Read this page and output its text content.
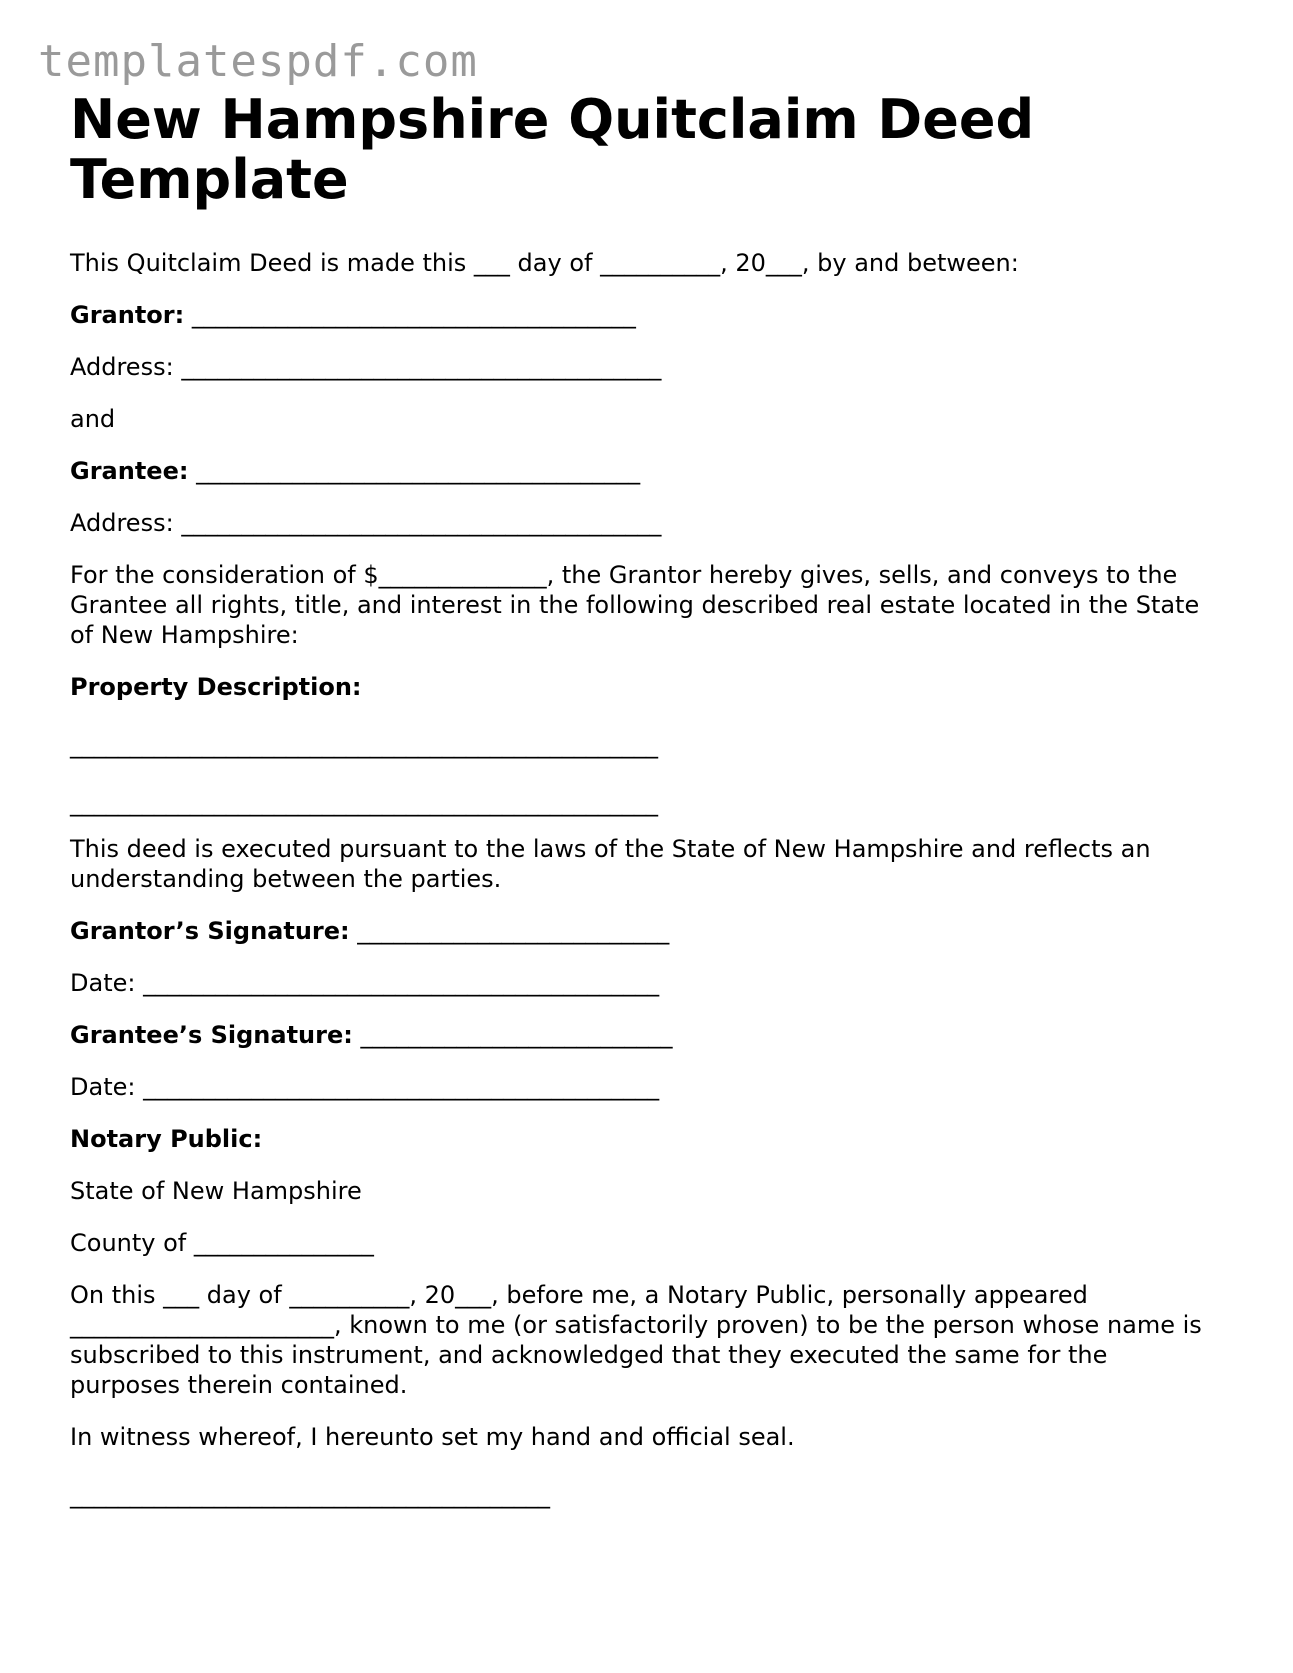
templatespdf.com
New Hampshire Quitclaim Deed Template

This Quitclaim Deed is made this ___ day of __________, 20___, by and between:

Grantor: _____________________________________

Address: ________________________________________

and

Grantee: _____________________________________

Address: ________________________________________

For the consideration of $______________, the Grantor hereby gives, sells, and conveys to the Grantee all rights, title, and interest in the following described real estate located in the State of New Hampshire:

Property Description:

_________________________________________________

_________________________________________________

This deed is executed pursuant to the laws of the State of New Hampshire and reflects an understanding between the parties.

Grantor’s Signature: __________________________

Date: ___________________________________________

Grantee’s Signature: __________________________

Date: ___________________________________________

Notary Public:

State of New Hampshire

County of _______________

On this ___ day of __________, 20___, before me, a Notary Public, personally appeared ______________________, known to me (or satisfactorily proven) to be the person whose name is subscribed to this instrument, and acknowledged that they executed the same for the purposes therein contained.

In witness whereof, I hereunto set my hand and official seal.

________________________________________
